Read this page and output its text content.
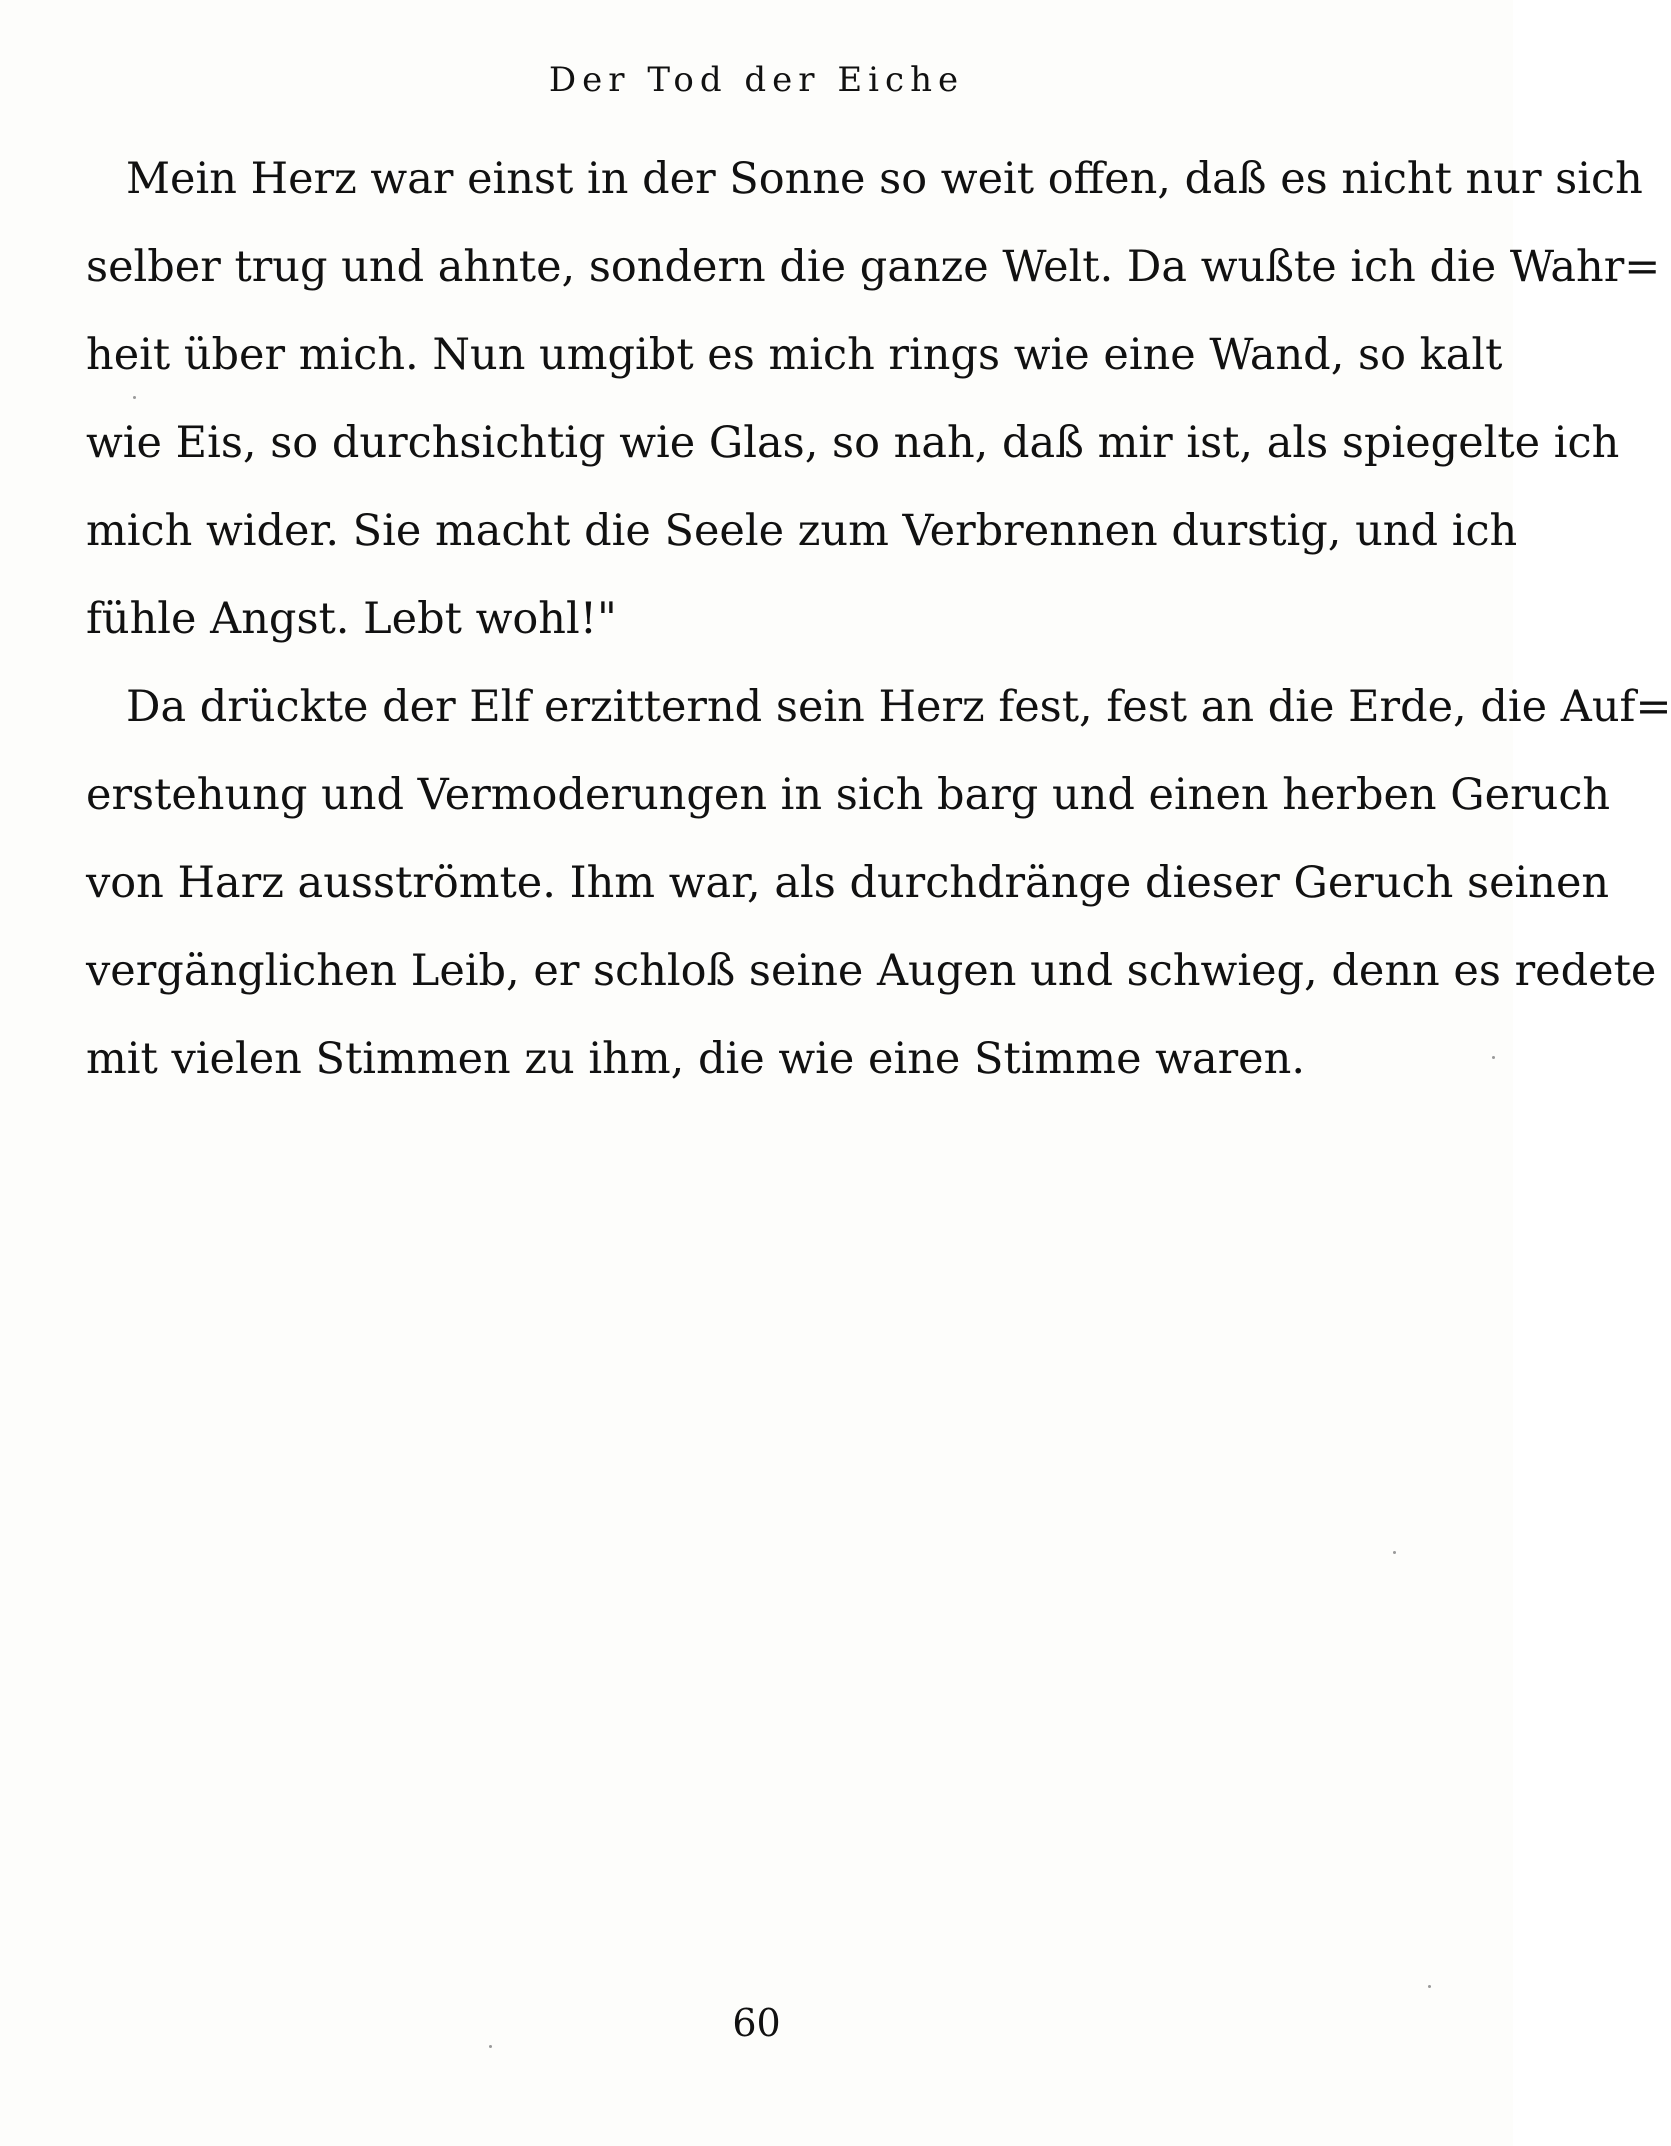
Der Tod der Eiche
Mein Herz war einst in der Sonne so weit offen, daß es nicht nur sich
selber trug und ahnte, sondern die ganze Welt. Da wußte ich die Wahr=
heit über mich. Nun umgibt es mich rings wie eine Wand, so kalt
wie Eis, so durchsichtig wie Glas, so nah, daß mir ist, als spiegelte ich
mich wider. Sie macht die Seele zum Verbrennen durstig, und ich
fühle Angst. Lebt wohl!"
Da drückte der Elf erzitternd sein Herz fest, fest an die Erde, die Auf=
erstehung und Vermoderungen in sich barg und einen herben Geruch
von Harz ausströmte. Ihm war, als durchdränge dieser Geruch seinen
vergänglichen Leib, er schloß seine Augen und schwieg, denn es redete
mit vielen Stimmen zu ihm, die wie eine Stimme waren.
60
